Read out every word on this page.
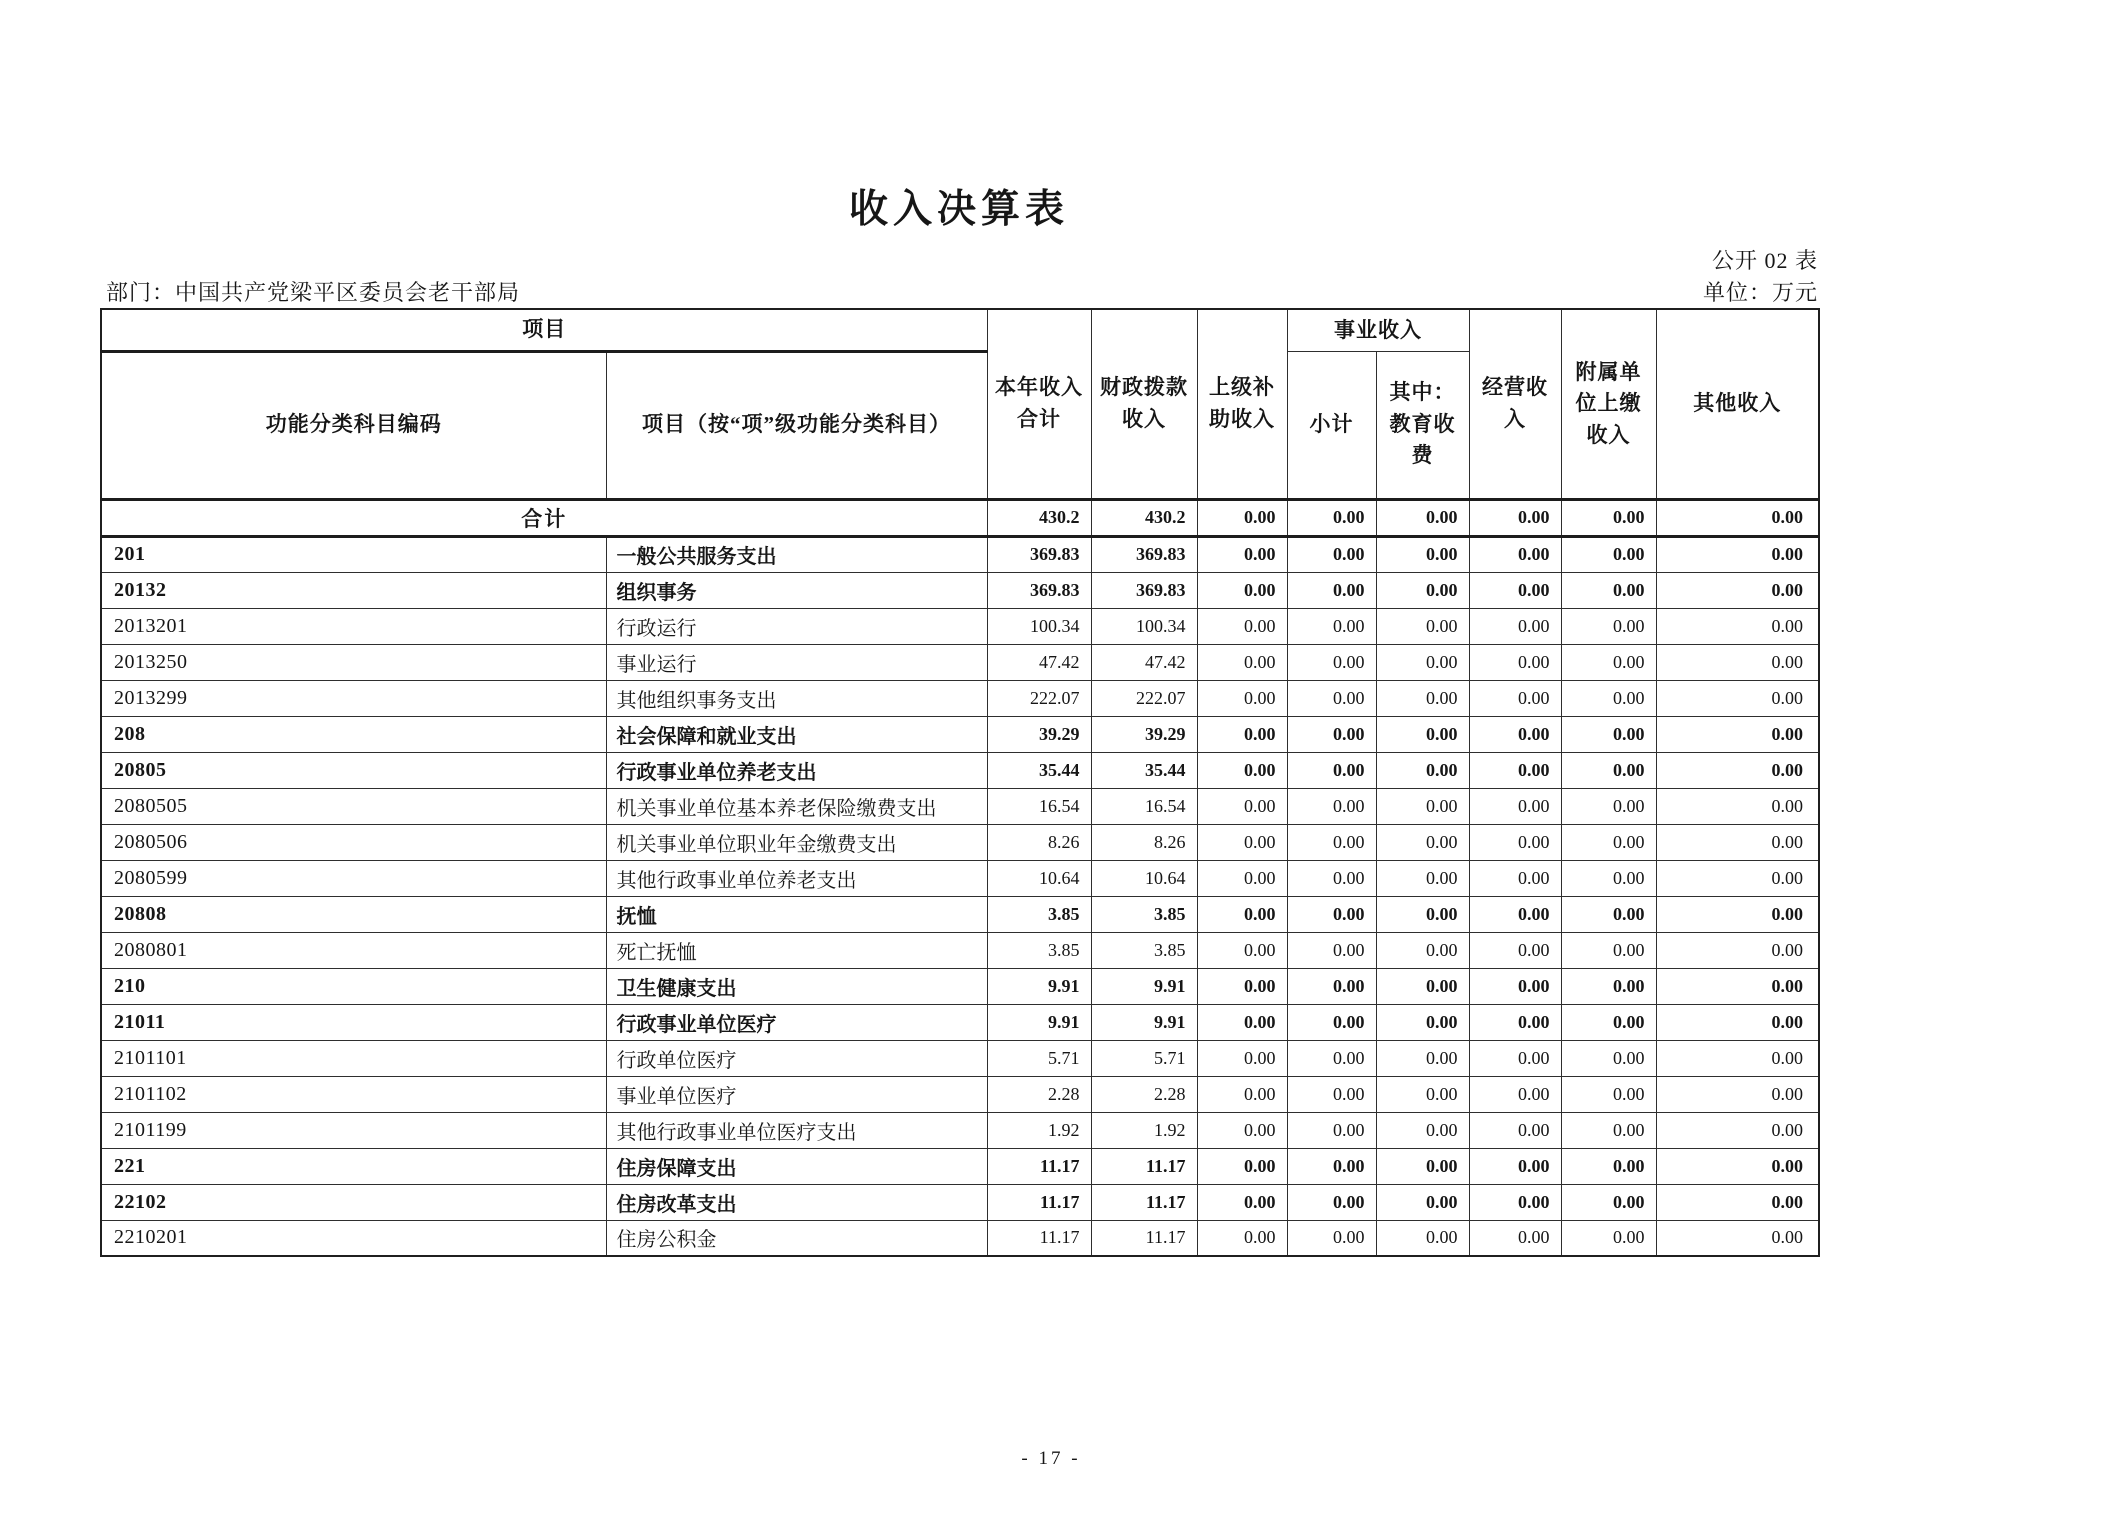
收入决算表
公开 02 表
部门：中国共产党梁平区委员会老干部局	单位：万元
项目		本年收入合计	财政拨款收入	上级补助收入	事业收入		经营收入	附属单位上缴收入	其他收入
功能分类科目编码	项目（按“项”级功能分类科目）				小计	其中：教育收费			
合计		430.2	430.2	0.00	0.00	0.00	0.00	0.00	0.00
201	一般公共服务支出	369.83	369.83	0.00	0.00	0.00	0.00	0.00	0.00
20132	组织事务	369.83	369.83	0.00	0.00	0.00	0.00	0.00	0.00
2013201	行政运行	100.34	100.34	0.00	0.00	0.00	0.00	0.00	0.00
2013250	事业运行	47.42	47.42	0.00	0.00	0.00	0.00	0.00	0.00
2013299	其他组织事务支出	222.07	222.07	0.00	0.00	0.00	0.00	0.00	0.00
208	社会保障和就业支出	39.29	39.29	0.00	0.00	0.00	0.00	0.00	0.00
20805	行政事业单位养老支出	35.44	35.44	0.00	0.00	0.00	0.00	0.00	0.00
2080505	机关事业单位基本养老保险缴费支出	16.54	16.54	0.00	0.00	0.00	0.00	0.00	0.00
2080506	机关事业单位职业年金缴费支出	8.26	8.26	0.00	0.00	0.00	0.00	0.00	0.00
2080599	其他行政事业单位养老支出	10.64	10.64	0.00	0.00	0.00	0.00	0.00	0.00
20808	抚恤	3.85	3.85	0.00	0.00	0.00	0.00	0.00	0.00
2080801	死亡抚恤	3.85	3.85	0.00	0.00	0.00	0.00	0.00	0.00
210	卫生健康支出	9.91	9.91	0.00	0.00	0.00	0.00	0.00	0.00
21011	行政事业单位医疗	9.91	9.91	0.00	0.00	0.00	0.00	0.00	0.00
2101101	行政单位医疗	5.71	5.71	0.00	0.00	0.00	0.00	0.00	0.00
2101102	事业单位医疗	2.28	2.28	0.00	0.00	0.00	0.00	0.00	0.00
2101199	其他行政事业单位医疗支出	1.92	1.92	0.00	0.00	0.00	0.00	0.00	0.00
221	住房保障支出	11.17	11.17	0.00	0.00	0.00	0.00	0.00	0.00
22102	住房改革支出	11.17	11.17	0.00	0.00	0.00	0.00	0.00	0.00
2210201	住房公积金	11.17	11.17	0.00	0.00	0.00	0.00	0.00	0.00
- 17 -
